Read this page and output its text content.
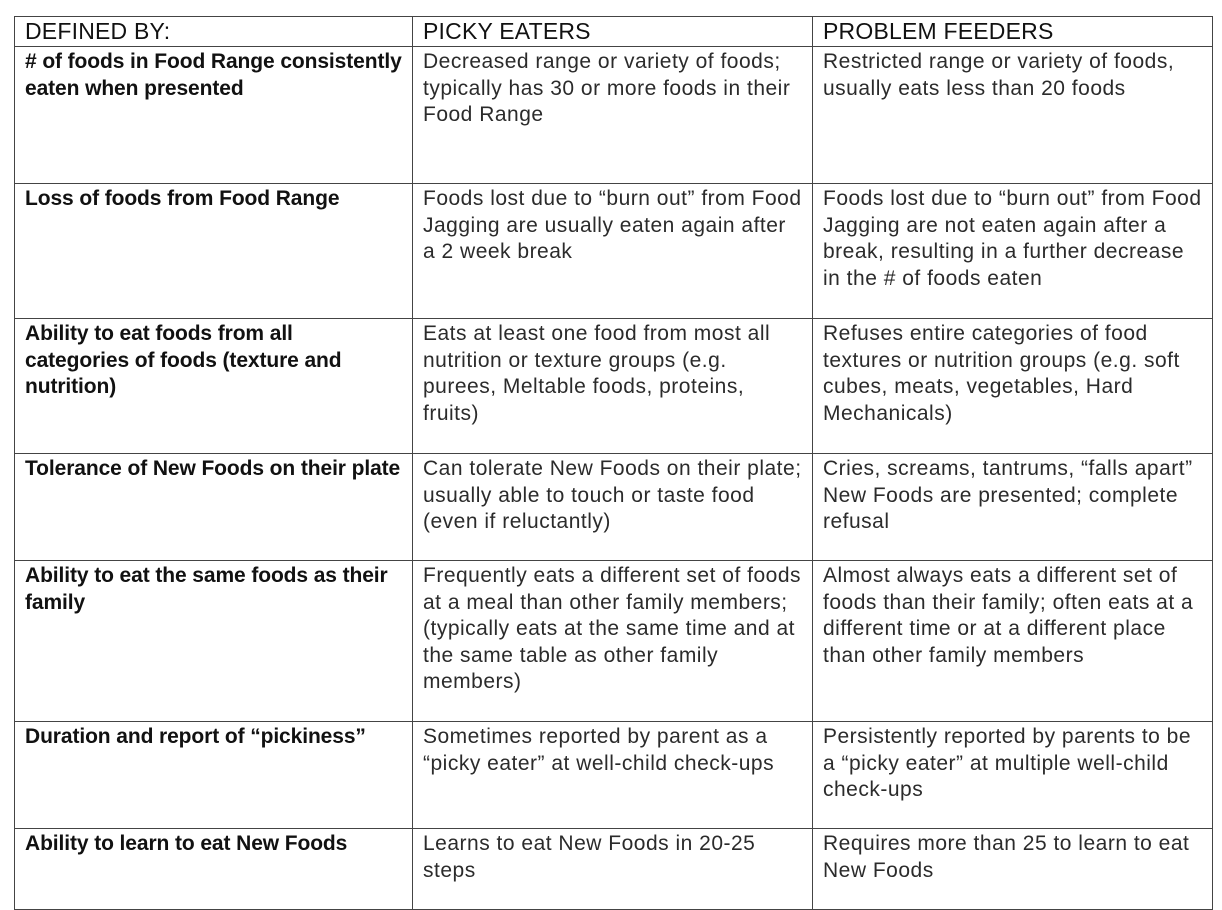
DEFINED BY:	PICKY EATERS	PROBLEM FEEDERS
# of foods in Food Range consistently eaten when presented	Decreased range or variety of foods; typically has 30 or more foods in their Food Range	Restricted range or variety of foods, usually eats less than 20 foods
Loss of foods from Food Range	Foods lost due to “burn out” from Food Jagging are usually eaten again after a 2 week break	Foods lost due to “burn out” from Food Jagging are not eaten again after a break, resulting in a further decrease in the # of foods eaten
Ability to eat foods from all categories of foods (texture and nutrition)	Eats at least one food from most all nutrition or texture groups (e.g. purees, Meltable foods, proteins, fruits)	Refuses entire categories of food textures or nutrition groups (e.g. soft cubes, meats, vegetables, Hard Mechanicals)
Tolerance of New Foods on their plate	Can tolerate New Foods on their plate; usually able to touch or taste food (even if reluctantly)	Cries, screams, tantrums, “falls apart” New Foods are presented; complete refusal
Ability to eat the same foods as their family	Frequently eats a different set of foods at a meal than other family members; (typically eats at the same time and at the same table as other family members)	Almost always eats a different set of foods than their family; often eats at a different time or at a different place than other family members
Duration and report of “pickiness”	Sometimes reported by parent as a “picky eater” at well-child check-ups	Persistently reported by parents to be a “picky eater” at multiple well-child check-ups
Ability to learn to eat New Foods	Learns to eat New Foods in 20-25 steps	Requires more than 25 to learn to eat New Foods
